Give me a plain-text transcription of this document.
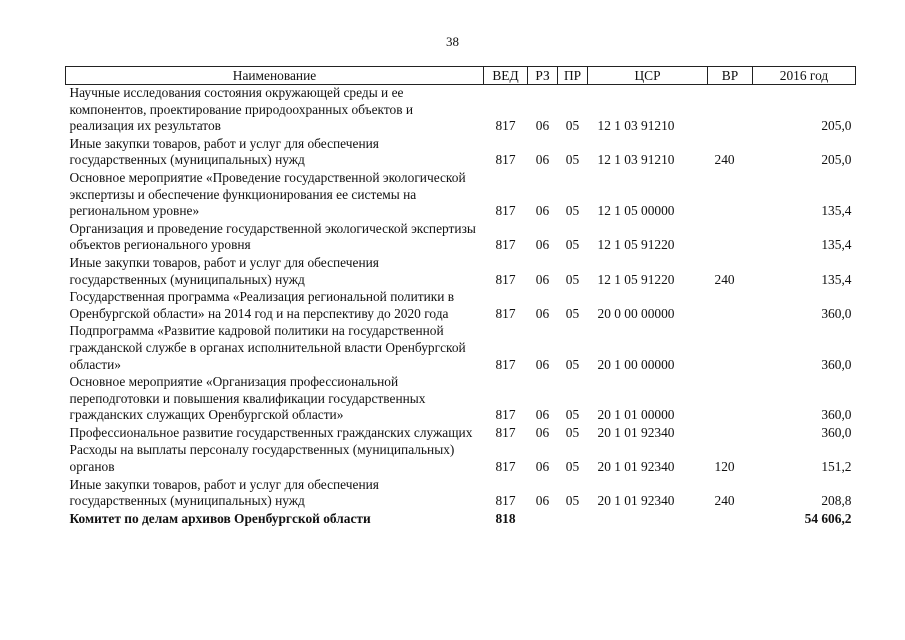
38
Наименование	ВЕД	РЗ	ПР	ЦСР	ВР	2016 год
Научные исследования состояния окружающей среды и ее компонентов, проектирование природоохранных объектов и реализация их результатов	817	06	05	12 1 03 91210		205,0
Иные закупки товаров, работ и услуг для обеспечения государственных (муниципальных) нужд	817	06	05	12 1 03 91210	240	205,0
Основное мероприятие «Проведение государственной экологической экспертизы и обеспечение функционирования ее системы на региональном уровне»	817	06	05	12 1 05 00000		135,4
Организация и проведение государственной экологической экспертизы объектов регионального уровня	817	06	05	12 1 05 91220		135,4
Иные закупки товаров, работ и услуг для обеспечения государственных (муниципальных) нужд	817	06	05	12 1 05 91220	240	135,4
Государственная программа «Реализация региональной политики в Оренбургской области» на 2014 год и на перспективу до 2020 года	817	06	05	20 0 00 00000		360,0
Подпрограмма «Развитие кадровой политики на государственной гражданской службе в органах исполнительной власти Оренбургской области»	817	06	05	20 1 00 00000		360,0
Основное мероприятие «Организация профессиональной переподготовки и повышения квалификации государственных гражданских служащих Оренбургской области»	817	06	05	20 1 01 00000		360,0
Профессиональное развитие государственных гражданских служащих	817	06	05	20 1 01 92340		360,0
Расходы на выплаты персоналу государственных (муниципальных) органов	817	06	05	20 1 01 92340	120	151,2
Иные закупки товаров, работ и услуг для обеспечения государственных (муниципальных) нужд	817	06	05	20 1 01 92340	240	208,8
Комитет по делам архивов Оренбургской области	818					54 606,2
